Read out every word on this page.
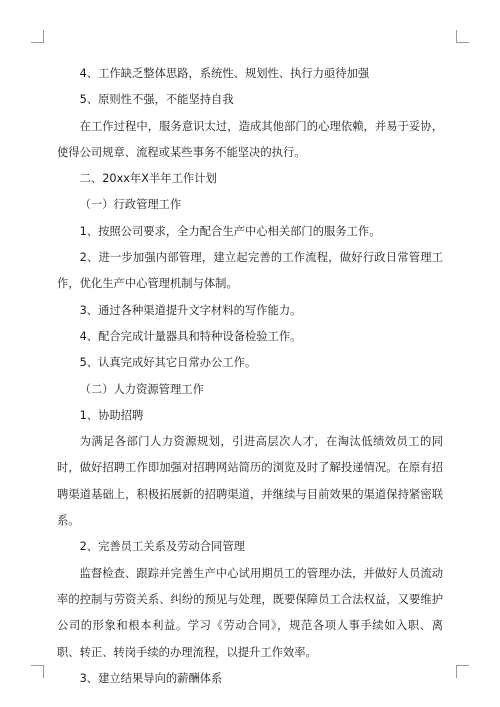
4、工作缺乏整体思路，系统性、规划性、执行力亟待加强

5、原则性不强，不能坚持自我

在工作过程中，服务意识太过，造成其他部门的心理依赖，并易于妥协，使得公司规章、流程或某些事务不能坚决的执行。

二、20xx年X半年工作计划

（一）行政管理工作

1、按照公司要求，全力配合生产中心相关部门的服务工作。

2、进一步加强内部管理，建立起完善的工作流程，做好行政日常管理工作，优化生产中心管理机制与体制。

3、通过各种渠道提升文字材料的写作能力。

4、配合完成计量器具和特种设备检验工作。

5、认真完成好其它日常办公工作。

（二）人力资源管理工作

1、协助招聘

为满足各部门人力资源规划，引进高层次人才，在淘汰低绩效员工的同时，做好招聘工作即加强对招聘网站简历的浏览及时了解投递情况。在原有招聘渠道基础上，积极拓展新的招聘渠道，并继续与目前效果的渠道保持紧密联系。

2、完善员工关系及劳动合同管理

监督检查、跟踪并完善生产中心试用期员工的管理办法，并做好人员流动率的控制与劳资关系、纠纷的预见与处理，既要保障员工合法权益，又要维护公司的形象和根本利益。学习《劳动合同》，规范各项人事手续如入职、离职、转正、转岗手续的办理流程，以提升工作效率。

3、建立结果导向的薪酬体系
